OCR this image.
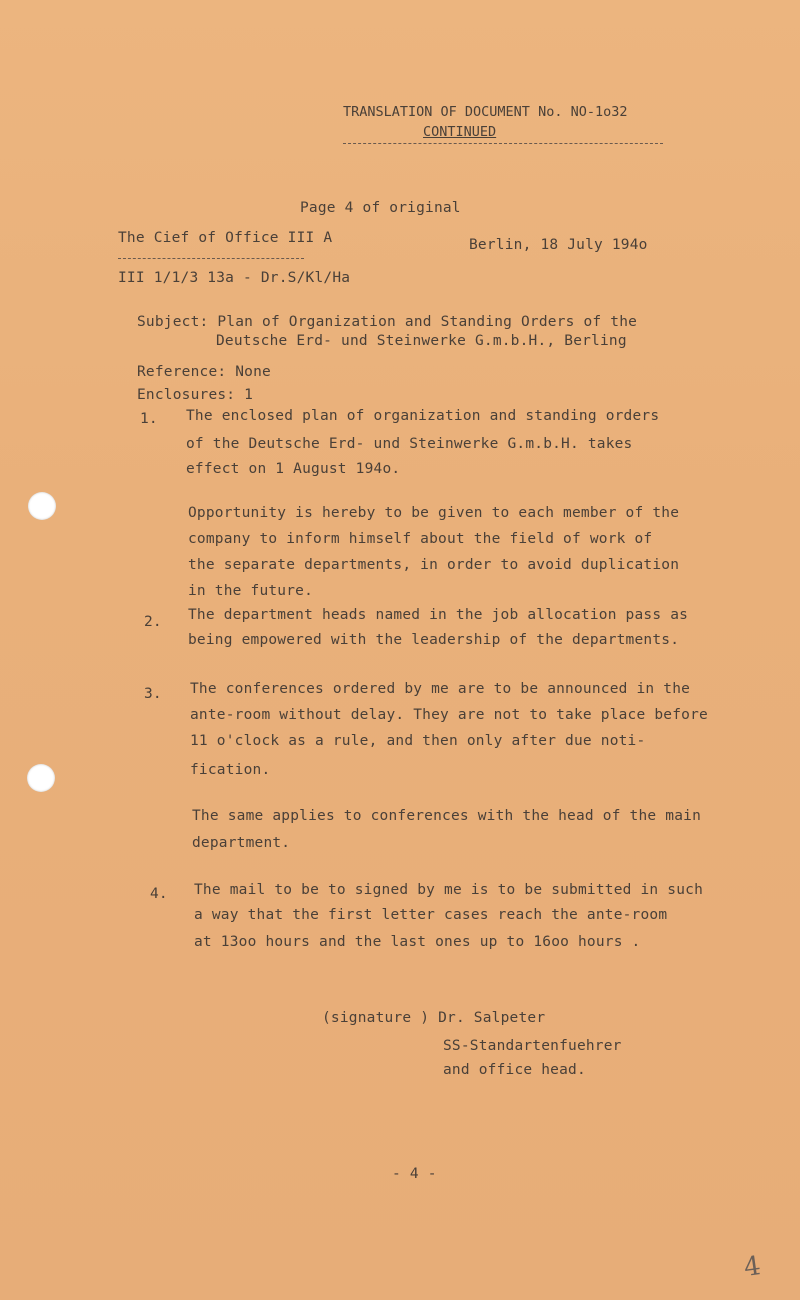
TRANSLATION OF DOCUMENT No. NO-1o32
CONTINUED
Page 4 of original
The Cief of Office III A	Berlin, 18 July 194o
III 1/1/3 13a - Dr.S/Kl/Ha
Subject: Plan of Organization and Standing Orders of the
Deutsche Erd- und Steinwerke G.m.b.H., Berling
Reference: None
Enclosures: 1
1. The enclosed plan of organization and standing orders
of the Deutsche Erd- und Steinwerke G.m.b.H. takes
effect on 1 August 194o.
Opportunity is hereby to be given to each member of the
company to inform himself about the field of work of
the separate departments, in order to avoid duplication
in the future.
2. The department heads named in the job allocation pass as
being empowered with the leadership of the departments.
3. The conferences ordered by me are to be announced in the
ante-room without delay. They are not to take place before
11 o'clock as a rule, and then only after due noti-
fication.
The same applies to conferences with the head of the main
department.
4. The mail to be to signed by me is to be submitted in such
a way that the first letter cases reach the ante-room
at 13oo hours and the last ones up to 16oo hours .
(signature ) Dr. Salpeter
SS-Standartenfuehrer
and office head.
- 4 -
4
